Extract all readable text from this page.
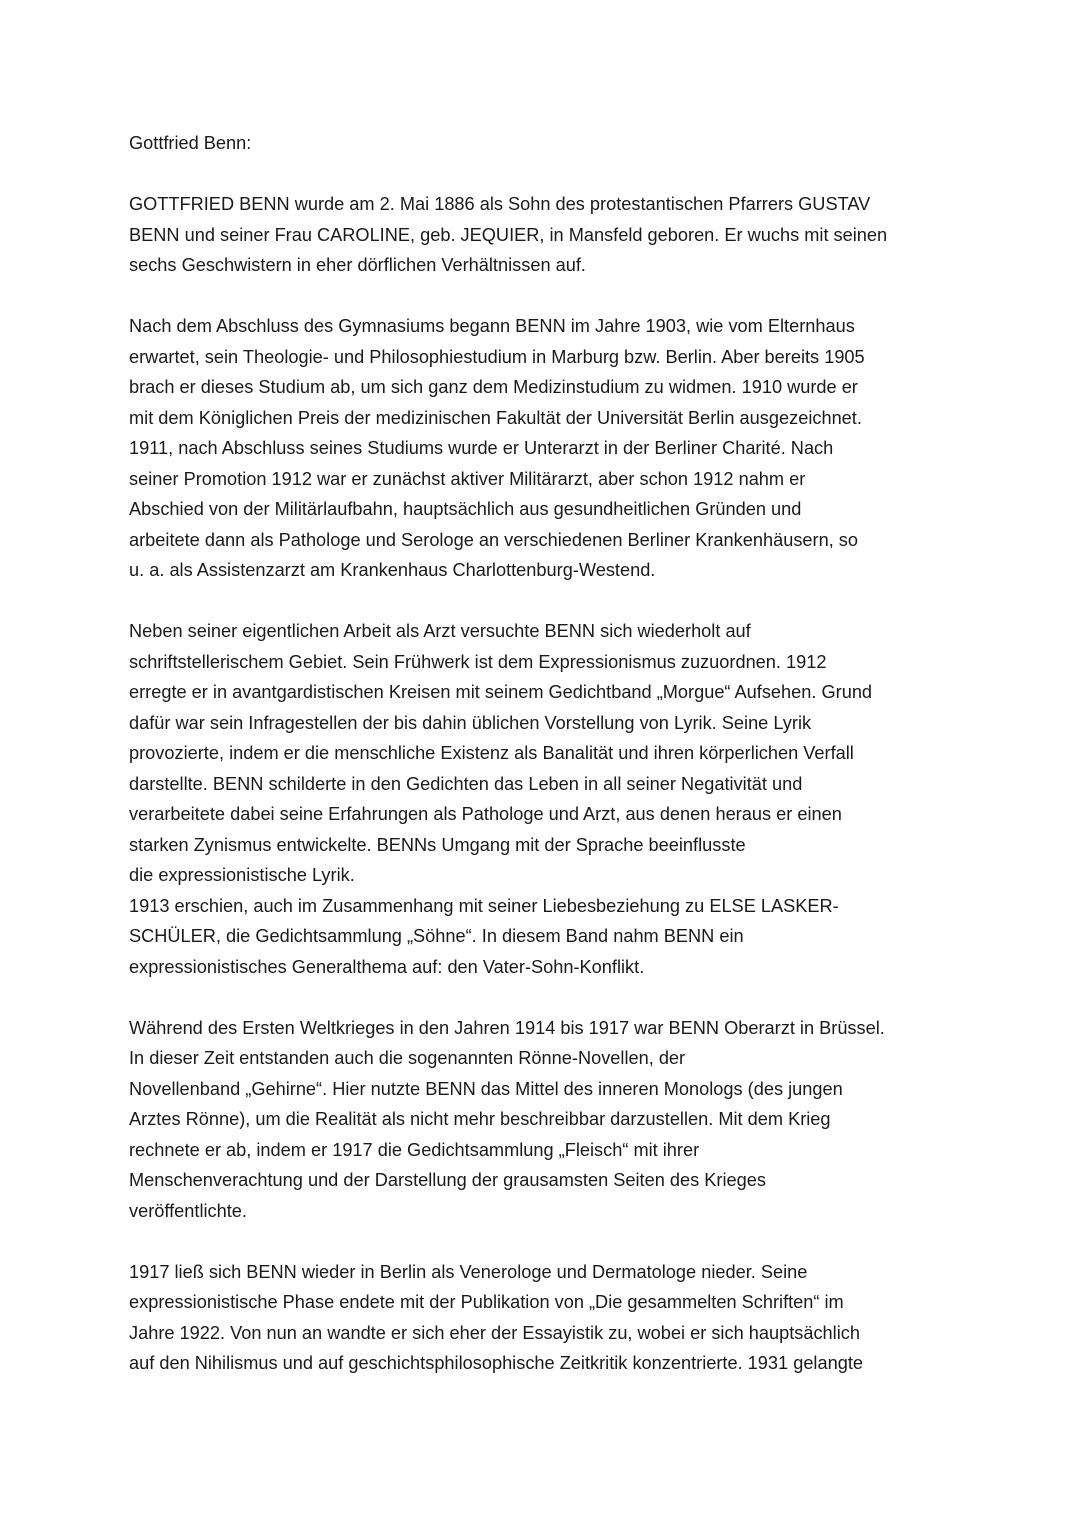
Gottfried Benn:

GOTTFRIED BENN wurde am 2. Mai 1886 als Sohn des protestantischen Pfarrers GUSTAV
BENN und seiner Frau CAROLINE, geb. JEQUIER, in Mansfeld geboren. Er wuchs mit seinen
sechs Geschwistern in eher dörflichen Verhältnissen auf.

Nach dem Abschluss des Gymnasiums begann BENN im Jahre 1903, wie vom Elternhaus
erwartet, sein Theologie- und Philosophiestudium in Marburg bzw. Berlin. Aber bereits 1905
brach er dieses Studium ab, um sich ganz dem Medizinstudium zu widmen. 1910 wurde er
mit dem Königlichen Preis der medizinischen Fakultät der Universität Berlin ausgezeichnet.
1911, nach Abschluss seines Studiums wurde er Unterarzt in der Berliner Charité. Nach
seiner Promotion 1912 war er zunächst aktiver Militärarzt, aber schon 1912 nahm er
Abschied von der Militärlaufbahn, hauptsächlich aus gesundheitlichen Gründen und
arbeitete dann als Pathologe und Serologe an verschiedenen Berliner Krankenhäusern, so
u. a. als Assistenzarzt am Krankenhaus Charlottenburg-Westend.

Neben seiner eigentlichen Arbeit als Arzt versuchte BENN sich wiederholt auf
schriftstellerischem Gebiet. Sein Frühwerk ist dem Expressionismus zuzuordnen. 1912
erregte er in avantgardistischen Kreisen mit seinem Gedichtband „Morgue“ Aufsehen. Grund
dafür war sein Infragestellen der bis dahin üblichen Vorstellung von Lyrik. Seine Lyrik
provozierte, indem er die menschliche Existenz als Banalität und ihren körperlichen Verfall
darstellte. BENN schilderte in den Gedichten das Leben in all seiner Negativität und
verarbeitete dabei seine Erfahrungen als Pathologe und Arzt, aus denen heraus er einen
starken Zynismus entwickelte. BENNs Umgang mit der Sprache beeinflusste
die expressionistische Lyrik.
1913 erschien, auch im Zusammenhang mit seiner Liebesbeziehung zu ELSE LASKER-
SCHÜLER, die Gedichtsammlung „Söhne“. In diesem Band nahm BENN ein
expressionistisches Generalthema auf: den Vater-Sohn-Konflikt.

Während des Ersten Weltkrieges in den Jahren 1914 bis 1917 war BENN Oberarzt in Brüssel.
In dieser Zeit entstanden auch die sogenannten Rönne-Novellen, der
Novellenband „Gehirne“. Hier nutzte BENN das Mittel des inneren Monologs (des jungen
Arztes Rönne), um die Realität als nicht mehr beschreibbar darzustellen. Mit dem Krieg
rechnete er ab, indem er 1917 die Gedichtsammlung „Fleisch“ mit ihrer
Menschenverachtung und der Darstellung der grausamsten Seiten des Krieges
veröffentlichte.

1917 ließ sich BENN wieder in Berlin als Venerologe und Dermatologe nieder. Seine
expressionistische Phase endete mit der Publikation von „Die gesammelten Schriften“ im
Jahre 1922. Von nun an wandte er sich eher der Essayistik zu, wobei er sich hauptsächlich
auf den Nihilismus und auf geschichtsphilosophische Zeitkritik konzentrierte. 1931 gelangte
